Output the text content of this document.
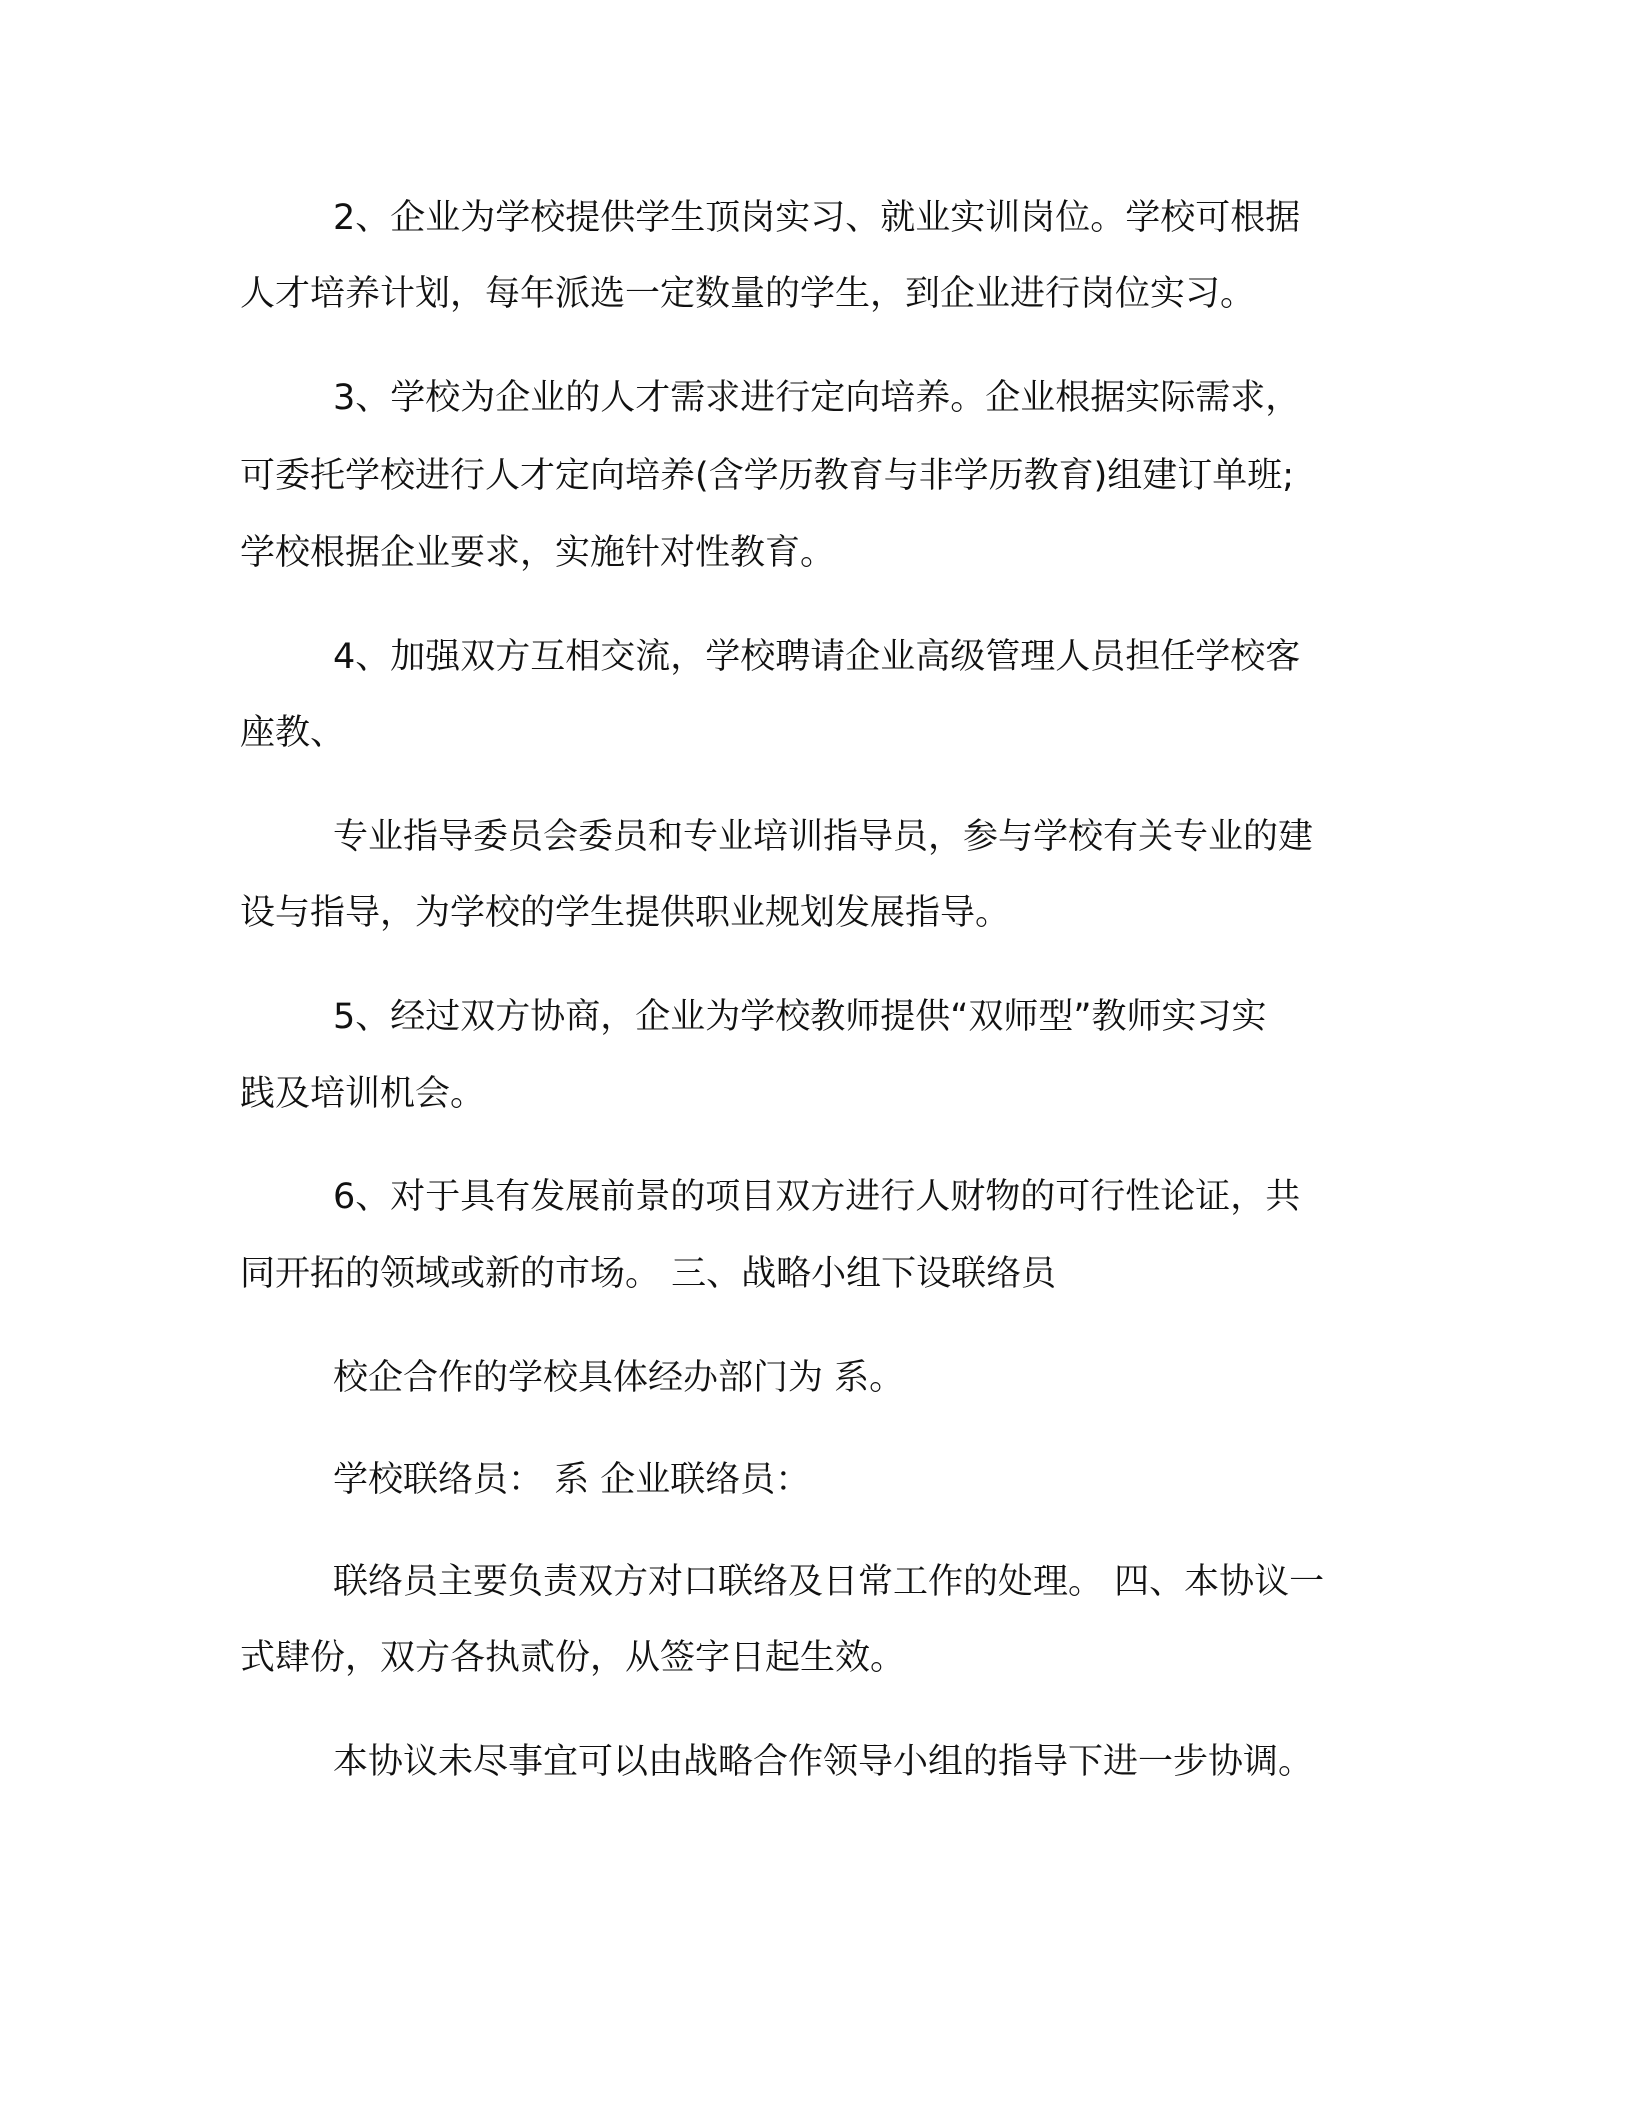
2、企业为学校提供学生顶岗实习、就业实训岗位。学校可根据
人才培养计划，每年派选一定数量的学生，到企业进行岗位实习。
3、学校为企业的人才需求进行定向培养。企业根据实际需求，
可委托学校进行人才定向培养(含学历教育与非学历教育)组建订单班;
学校根据企业要求，实施针对性教育。
4、加强双方互相交流，学校聘请企业高级管理人员担任学校客
座教、
专业指导委员会委员和专业培训指导员，参与学校有关专业的建
设与指导，为学校的学生提供职业规划发展指导。
5、经过双方协商，企业为学校教师提供“双师型”教师实习实
践及培训机会。
6、对于具有发展前景的项目双方进行人财物的可行性论证，共
同开拓的领域或新的市场。 三、战略小组下设联络员
校企合作的学校具体经办部门为 系。
学校联络员： 系 企业联络员：
联络员主要负责双方对口联络及日常工作的处理。 四、本协议一
式肆份，双方各执贰份，从签字日起生效。
本协议未尽事宜可以由战略合作领导小组的指导下进一步协调。
